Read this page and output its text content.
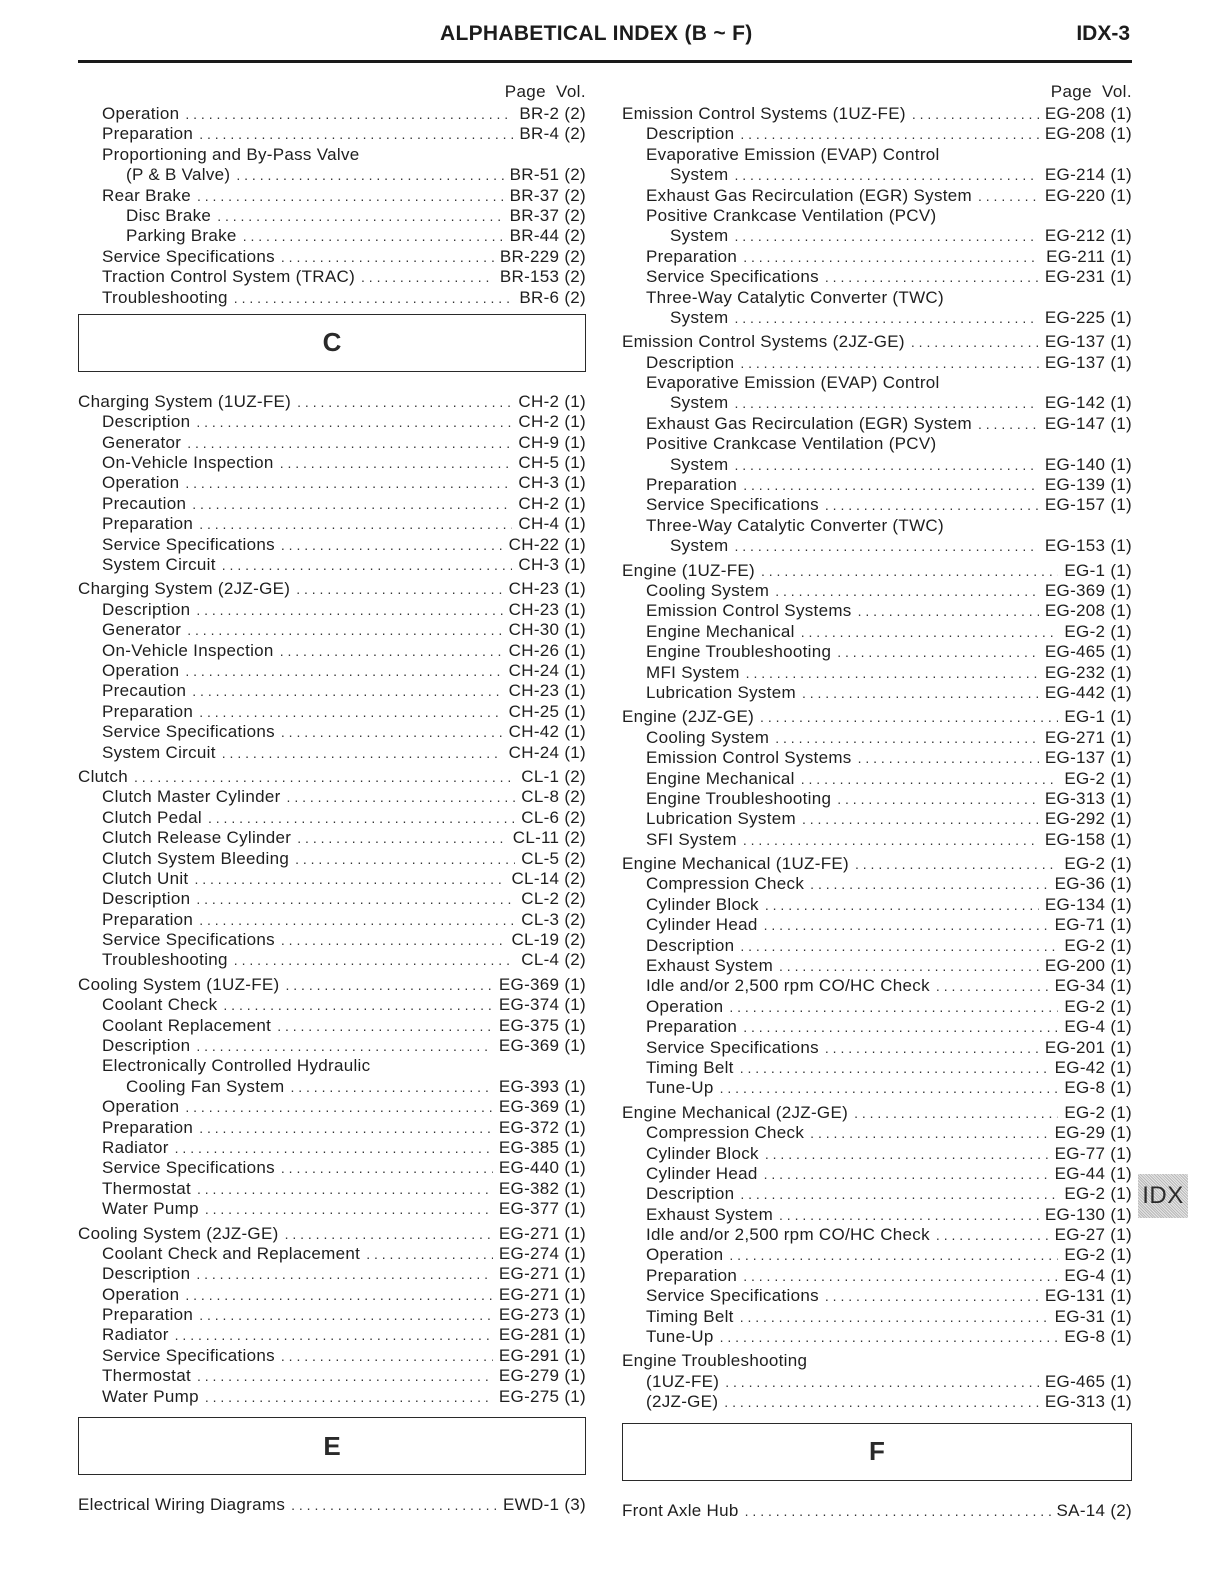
ALPHABETICAL INDEX (B ~ F)	IDX-3
Page Vol.
Operation . . .	BR-2 (2)
Preparation . . .	BR-4 (2)
Proportioning and By-Pass Valve
(P & B Valve) . . .	BR-51 (2)
Rear Brake . . .	BR-37 (2)
Disc Brake . . .	BR-37 (2)
Parking Brake . . .	BR-44 (2)
Service Specifications . . .	BR-229 (2)
Traction Control System (TRAC) . . .	BR-153 (2)
Troubleshooting . . .	BR-6 (2)
C
Charging System (1UZ-FE) . . .	CH-2 (1)
Description . . .	CH-2 (1)
Generator . . .	CH-9 (1)
On-Vehicle Inspection . . .	CH-5 (1)
Operation . . .	CH-3 (1)
Precaution . . .	CH-2 (1)
Preparation . . .	CH-4 (1)
Service Specifications . . .	CH-22 (1)
System Circuit . . .	CH-3 (1)
Charging System (2JZ-GE) . . .	CH-23 (1)
Description . . .	CH-23 (1)
Generator . . .	CH-30 (1)
On-Vehicle Inspection . . .	CH-26 (1)
Operation . . .	CH-24 (1)
Precaution . . .	CH-23 (1)
Preparation . . .	CH-25 (1)
Service Specifications . . .	CH-42 (1)
System Circuit . . .	CH-24 (1)
Clutch . . .	CL-1 (2)
Clutch Master Cylinder . . .	CL-8 (2)
Clutch Pedal . . .	CL-6 (2)
Clutch Release Cylinder . . .	CL-11 (2)
Clutch System Bleeding . . .	CL-5 (2)
Clutch Unit . . .	CL-14 (2)
Description . . .	CL-2 (2)
Preparation . . .	CL-3 (2)
Service Specifications . . .	CL-19 (2)
Troubleshooting . . .	CL-4 (2)
Cooling System (1UZ-FE) . . .	EG-369 (1)
Coolant Check . . .	EG-374 (1)
Coolant Replacement . . .	EG-375 (1)
Description . . .	EG-369 (1)
Electronically Controlled Hydraulic
Cooling Fan System . . .	EG-393 (1)
Operation . . .	EG-369 (1)
Preparation . . .	EG-372 (1)
Radiator . . .	EG-385 (1)
Service Specifications . . .	EG-440 (1)
Thermostat . . .	EG-382 (1)
Water Pump . . .	EG-377 (1)
Cooling System (2JZ-GE) . . .	EG-271 (1)
Coolant Check and Replacement . . .	EG-274 (1)
Description . . .	EG-271 (1)
Operation . . .	EG-271 (1)
Preparation . . .	EG-273 (1)
Radiator . . .	EG-281 (1)
Service Specifications . . .	EG-291 (1)
Thermostat . . .	EG-279 (1)
Water Pump . . .	EG-275 (1)
E
Electrical Wiring Diagrams . . .	EWD-1 (3)
Page Vol.
Emission Control Systems (1UZ-FE) . . .	EG-208 (1)
Description . . .	EG-208 (1)
Evaporative Emission (EVAP) Control
System . . .	EG-214 (1)
Exhaust Gas Recirculation (EGR) System . . .	EG-220 (1)
Positive Crankcase Ventilation (PCV)
System . . .	EG-212 (1)
Preparation . . .	EG-211 (1)
Service Specifications . . .	EG-231 (1)
Three-Way Catalytic Converter (TWC)
System . . .	EG-225 (1)
Emission Control Systems (2JZ-GE) . . .	EG-137 (1)
Description . . .	EG-137 (1)
Evaporative Emission (EVAP) Control
System . . .	EG-142 (1)
Exhaust Gas Recirculation (EGR) System . . .	EG-147 (1)
Positive Crankcase Ventilation (PCV)
System . . .	EG-140 (1)
Preparation . . .	EG-139 (1)
Service Specifications . . .	EG-157 (1)
Three-Way Catalytic Converter (TWC)
System . . .	EG-153 (1)
Engine (1UZ-FE) . . .	EG-1 (1)
Cooling System . . .	EG-369 (1)
Emission Control Systems . . .	EG-208 (1)
Engine Mechanical . . .	EG-2 (1)
Engine Troubleshooting . . .	EG-465 (1)
MFI System . . .	EG-232 (1)
Lubrication System . . .	EG-442 (1)
Engine (2JZ-GE) . . .	EG-1 (1)
Cooling System . . .	EG-271 (1)
Emission Control Systems . . .	EG-137 (1)
Engine Mechanical . . .	EG-2 (1)
Engine Troubleshooting . . .	EG-313 (1)
Lubrication System . . .	EG-292 (1)
SFI System . . .	EG-158 (1)
Engine Mechanical (1UZ-FE) . . .	EG-2 (1)
Compression Check . . .	EG-36 (1)
Cylinder Block . . .	EG-134 (1)
Cylinder Head . . .	EG-71 (1)
Description . . .	EG-2 (1)
Exhaust System . . .	EG-200 (1)
Idle and/or 2,500 rpm CO/HC Check . . .	EG-34 (1)
Operation . . .	EG-2 (1)
Preparation . . .	EG-4 (1)
Service Specifications . . .	EG-201 (1)
Timing Belt . . .	EG-42 (1)
Tune-Up . . .	EG-8 (1)
Engine Mechanical (2JZ-GE) . . .	EG-2 (1)
Compression Check . . .	EG-29 (1)
Cylinder Block . . .	EG-77 (1)
Cylinder Head . . .	EG-44 (1)
Description . . .	EG-2 (1)
Exhaust System . . .	EG-130 (1)
Idle and/or 2,500 rpm CO/HC Check . . .	EG-27 (1)
Operation . . .	EG-2 (1)
Preparation . . .	EG-4 (1)
Service Specifications . . .	EG-131 (1)
Timing Belt . . .	EG-31 (1)
Tune-Up . . .	EG-8 (1)
Engine Troubleshooting
(1UZ-FE) . . .	EG-465 (1)
(2JZ-GE) . . .	EG-313 (1)
F
Front Axle Hub . . .	SA-14 (2)
IDX
